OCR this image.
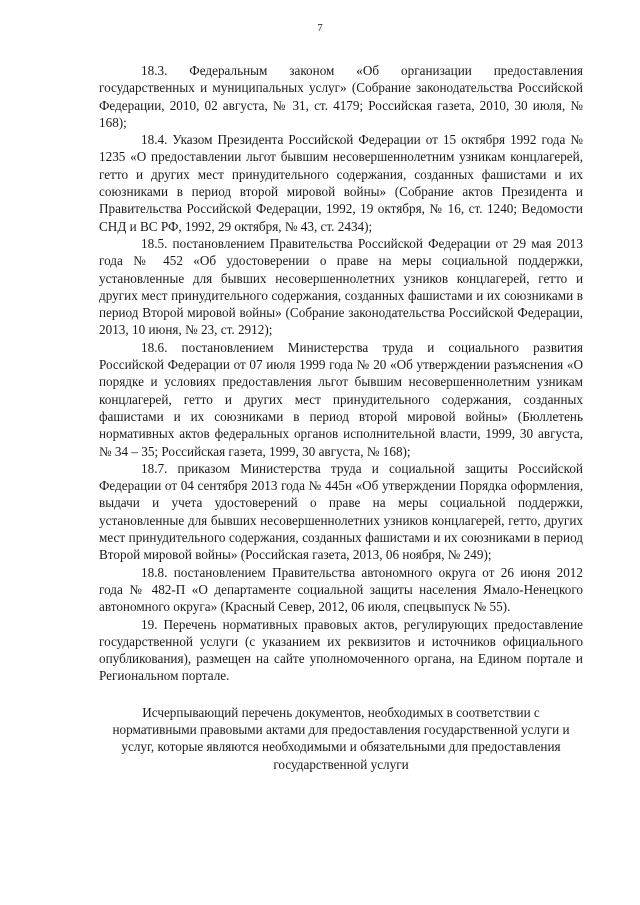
7

18.3. Федеральным законом «Об организации предоставления государственных и муниципальных услуг» (Собрание законодательства Российской Федерации, 2010, 02 августа, № 31, ст. 4179; Российская газета, 2010, 30 июля, № 168);

18.4. Указом Президента Российской Федерации от 15 октября 1992 года № 1235 «О предоставлении льгот бывшим несовершеннолетним узникам концлагерей, гетто и других мест принудительного содержания, созданных фашистами и их союзниками в период второй мировой войны» (Собрание актов Президента и Правительства Российской Федерации, 1992, 19 октября, № 16, ст. 1240; Ведомости СНД и ВС РФ, 1992, 29 октября, № 43, ст. 2434);

18.5. постановлением Правительства Российской Федерации от 29 мая 2013 года № 452 «Об удостоверении о праве на меры социальной поддержки, установленные для бывших несовершеннолетних узников концлагерей, гетто и других мест принудительного содержания, созданных фашистами и их союзниками в период Второй мировой войны» (Собрание законодательства Российской Федерации, 2013, 10 июня, № 23, ст. 2912);

18.6. постановлением Министерства труда и социального развития Российской Федерации от 07 июля 1999 года № 20 «Об утверждении разъяснения «О порядке и условиях предоставления льгот бывшим несовершеннолетним узникам концлагерей, гетто и других мест принудительного содержания, созданных фашистами и их союзниками в период второй мировой войны» (Бюллетень нормативных актов федеральных органов исполнительной власти, 1999, 30 августа, № 34 – 35; Российская газета, 1999, 30 августа, № 168);

18.7. приказом Министерства труда и социальной защиты Российской Федерации от 04 сентября 2013 года № 445н «Об утверждении Порядка оформления, выдачи и учета удостоверений о праве на меры социальной поддержки, установленные для бывших несовершеннолетних узников концлагерей, гетто, других мест принудительного содержания, созданных фашистами и их союзниками в период Второй мировой войны» (Российская газета, 2013, 06 ноября, № 249);

18.8. постановлением Правительства автономного округа от 26 июня 2012 года № 482-П «О департаменте социальной защиты населения Ямало-Ненецкого автономного округа» (Красный Север, 2012, 06 июля, спецвыпуск № 55).

19. Перечень нормативных правовых актов, регулирующих предоставление государственной услуги (с указанием их реквизитов и источников официального опубликования), размещен на сайте уполномоченного органа, на Едином портале и Региональном портале.

Исчерпывающий перечень документов, необходимых в соответствии с нормативными правовыми актами для предоставления государственной услуги и услуг, которые являются необходимыми и обязательными для предоставления государственной услуги
